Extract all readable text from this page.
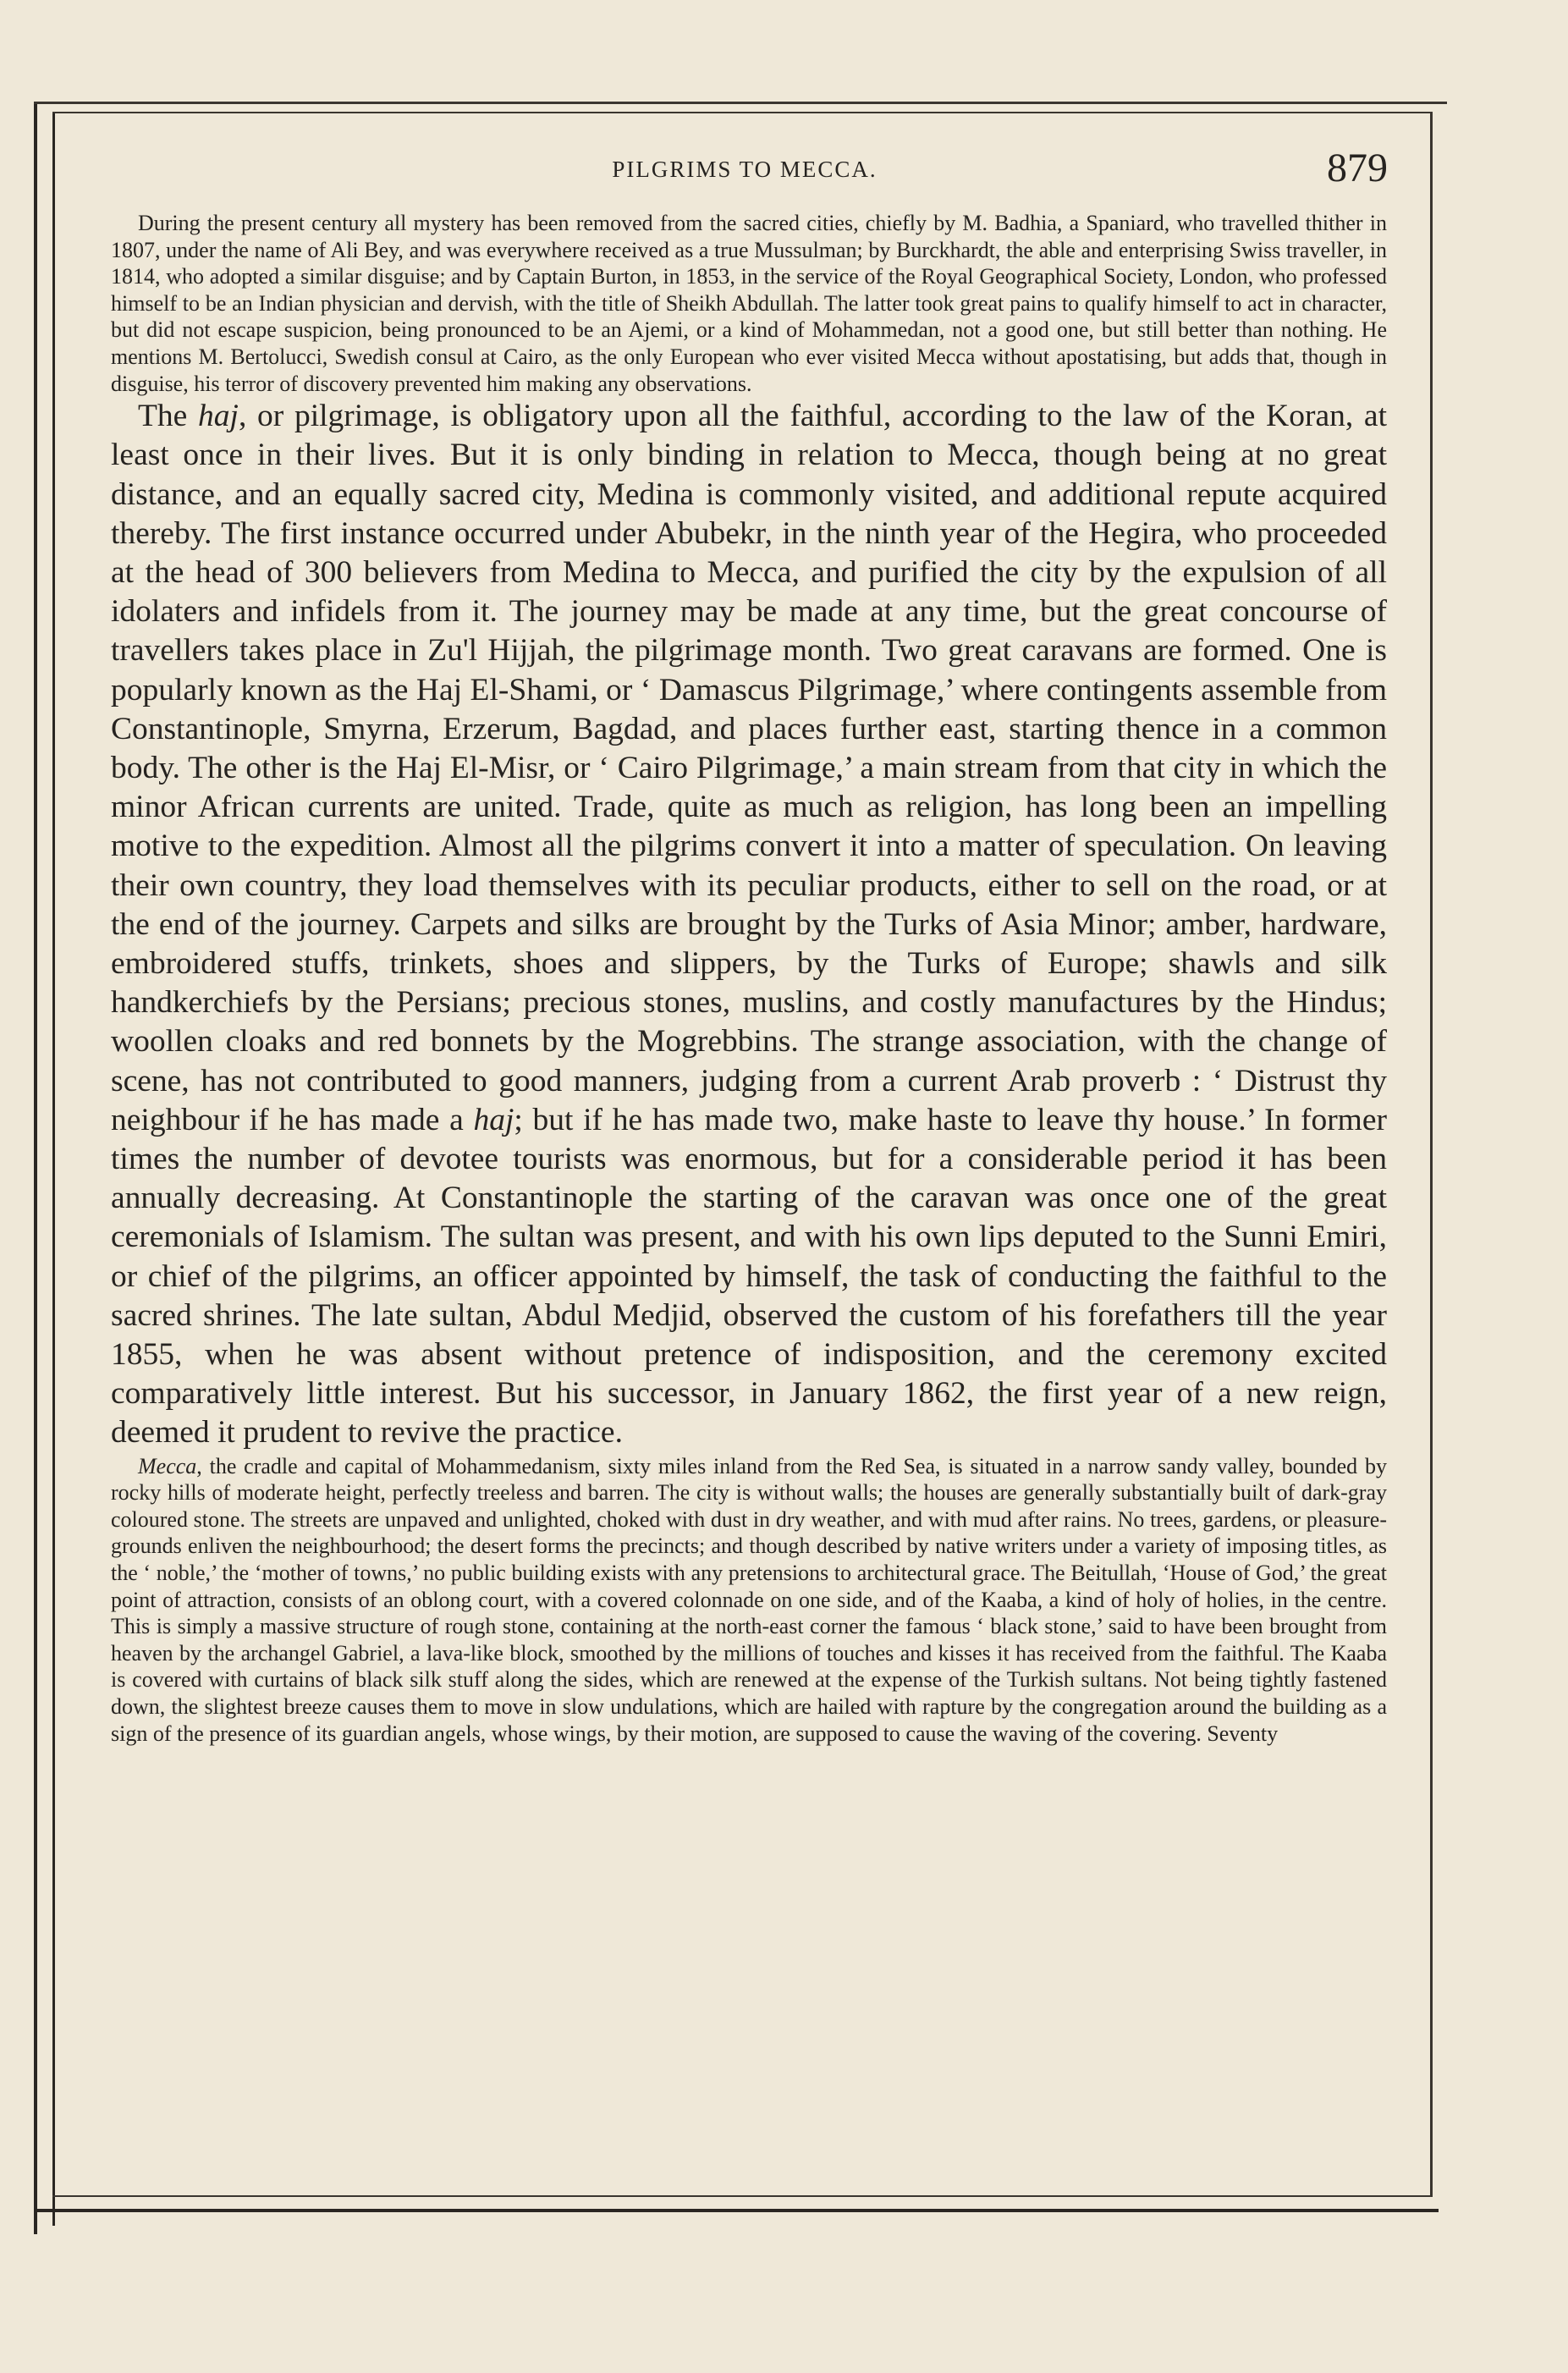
PILGRIMS TO MECCA.	879

During the present century all mystery has been removed from the sacred cities, chiefly by M. Badhia, a Spaniard, who travelled thither in 1807, under the name of Ali Bey, and was everywhere received as a true Mussulman; by Burckhardt, the able and enterprising Swiss traveller, in 1814, who adopted a similar disguise; and by Captain Burton, in 1853, in the service of the Royal Geographical Society, London, who professed himself to be an Indian physician and dervish, with the title of Sheikh Abdullah. The latter took great pains to qualify himself to act in character, but did not escape suspicion, being pronounced to be an Ajemi, or a kind of Mohammedan, not a good one, but still better than nothing. He mentions M. Bertolucci, Swedish consul at Cairo, as the only European who ever visited Mecca without apostatising, but adds that, though in disguise, his terror of discovery prevented him making any observations.

The haj, or pilgrimage, is obligatory upon all the faithful, according to the law of the Koran, at least once in their lives. But it is only binding in relation to Mecca, though being at no great distance, and an equally sacred city, Medina is commonly visited, and additional repute acquired thereby. The first instance occurred under Abubekr, in the ninth year of the Hegira, who proceeded at the head of 300 believers from Medina to Mecca, and purified the city by the expulsion of all idolaters and infidels from it. The journey may be made at any time, but the great concourse of travellers takes place in Zu'l Hijjah, the pilgrimage month. Two great caravans are formed. One is popularly known as the Haj El-Shami, or ‘ Damascus Pilgrimage,’ where contingents assemble from Constantinople, Smyrna, Erzerum, Bagdad, and places further east, starting thence in a common body. The other is the Haj El-Misr, or ‘ Cairo Pilgrimage,’ a main stream from that city in which the minor African currents are united. Trade, quite as much as religion, has long been an impelling motive to the expedition. Almost all the pilgrims convert it into a matter of speculation. On leaving their own country, they load themselves with its peculiar products, either to sell on the road, or at the end of the journey. Carpets and silks are brought by the Turks of Asia Minor; amber, hardware, embroidered stuffs, trinkets, shoes and slippers, by the Turks of Europe; shawls and silk handkerchiefs by the Persians; precious stones, muslins, and costly manufactures by the Hindus; woollen cloaks and red bonnets by the Mogrebbins. The strange association, with the change of scene, has not contributed to good manners, judging from a current Arab proverb : ‘ Distrust thy neighbour if he has made a haj; but if he has made two, make haste to leave thy house.’ In former times the number of devotee tourists was enormous, but for a considerable period it has been annually decreasing. At Constantinople the starting of the caravan was once one of the great ceremonials of Islamism. The sultan was present, and with his own lips deputed to the Sunni Emiri, or chief of the pilgrims, an officer appointed by himself, the task of conducting the faithful to the sacred shrines. The late sultan, Abdul Medjid, observed the custom of his forefathers till the year 1855, when he was absent without pretence of indisposition, and the ceremony excited comparatively little interest. But his successor, in January 1862, the first year of a new reign, deemed it prudent to revive the practice.

Mecca, the cradle and capital of Mohammedanism, sixty miles inland from the Red Sea, is situated in a narrow sandy valley, bounded by rocky hills of moderate height, perfectly treeless and barren. The city is without walls; the houses are generally substantially built of dark-gray coloured stone. The streets are unpaved and unlighted, choked with dust in dry weather, and with mud after rains. No trees, gardens, or pleasure-grounds enliven the neighbourhood; the desert forms the precincts; and though described by native writers under a variety of imposing titles, as the ‘ noble,’ the ‘mother of towns,’ no public building exists with any pretensions to architectural grace. The Beitullah, ‘House of God,’ the great point of attraction, consists of an oblong court, with a covered colonnade on one side, and of the Kaaba, a kind of holy of holies, in the centre. This is simply a massive structure of rough stone, containing at the north-east corner the famous ‘ black stone,’ said to have been brought from heaven by the archangel Gabriel, a lava-like block, smoothed by the millions of touches and kisses it has received from the faithful. The Kaaba is covered with curtains of black silk stuff along the sides, which are renewed at the expense of the Turkish sultans. Not being tightly fastened down, the slightest breeze causes them to move in slow undulations, which are hailed with rapture by the congregation around the building as a sign of the presence of its guardian angels, whose wings, by their motion, are supposed to cause the waving of the covering. Seventy
